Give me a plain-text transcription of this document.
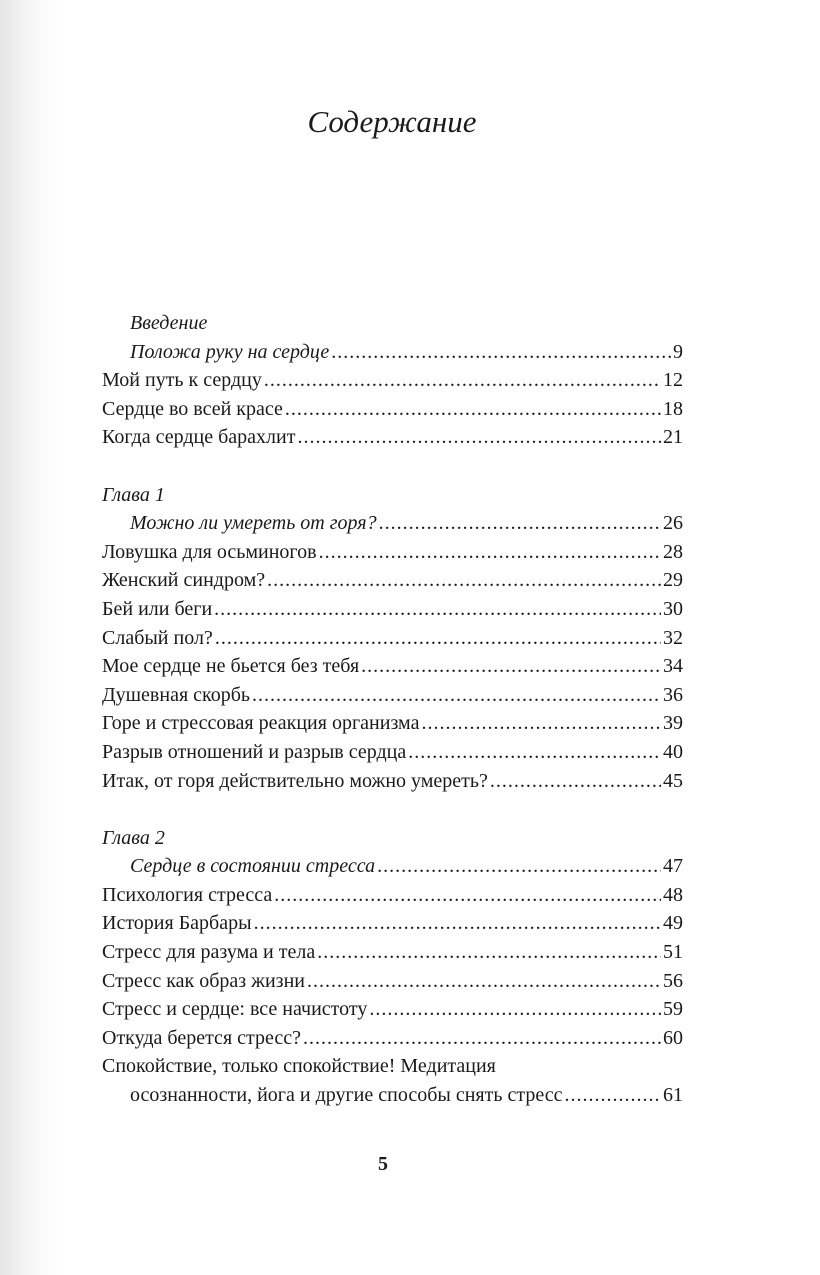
Содержание
Введение
Положа руку на сердце .....	9
Мой путь к сердцу .....	12
Сердце во всей красе .....	18
Когда сердце барахлит .....	21
Глава 1
Можно ли умереть от горя? .....	26
Ловушка для осьминогов .....	28
Женский синдром? .....	29
Бей или беги .....	30
Слабый пол? .....	32
Мое сердце не бьется без тебя .....	34
Душевная скорбь .....	36
Горе и стрессовая реакция организма .....	39
Разрыв отношений и разрыв сердца .....	40
Итак, от горя действительно можно умереть? .....	45
Глава 2
Сердце в состоянии стресса .....	47
Психология стресса .....	48
История Барбары .....	49
Стресс для разума и тела .....	51
Стресс как образ жизни .....	56
Стресс и сердце: все начистоту .....	59
Откуда берется стресс? .....	60
Спокойствие, только спокойствие! Медитация
осознанности, йога и другие способы снять стресс .....	61
5
